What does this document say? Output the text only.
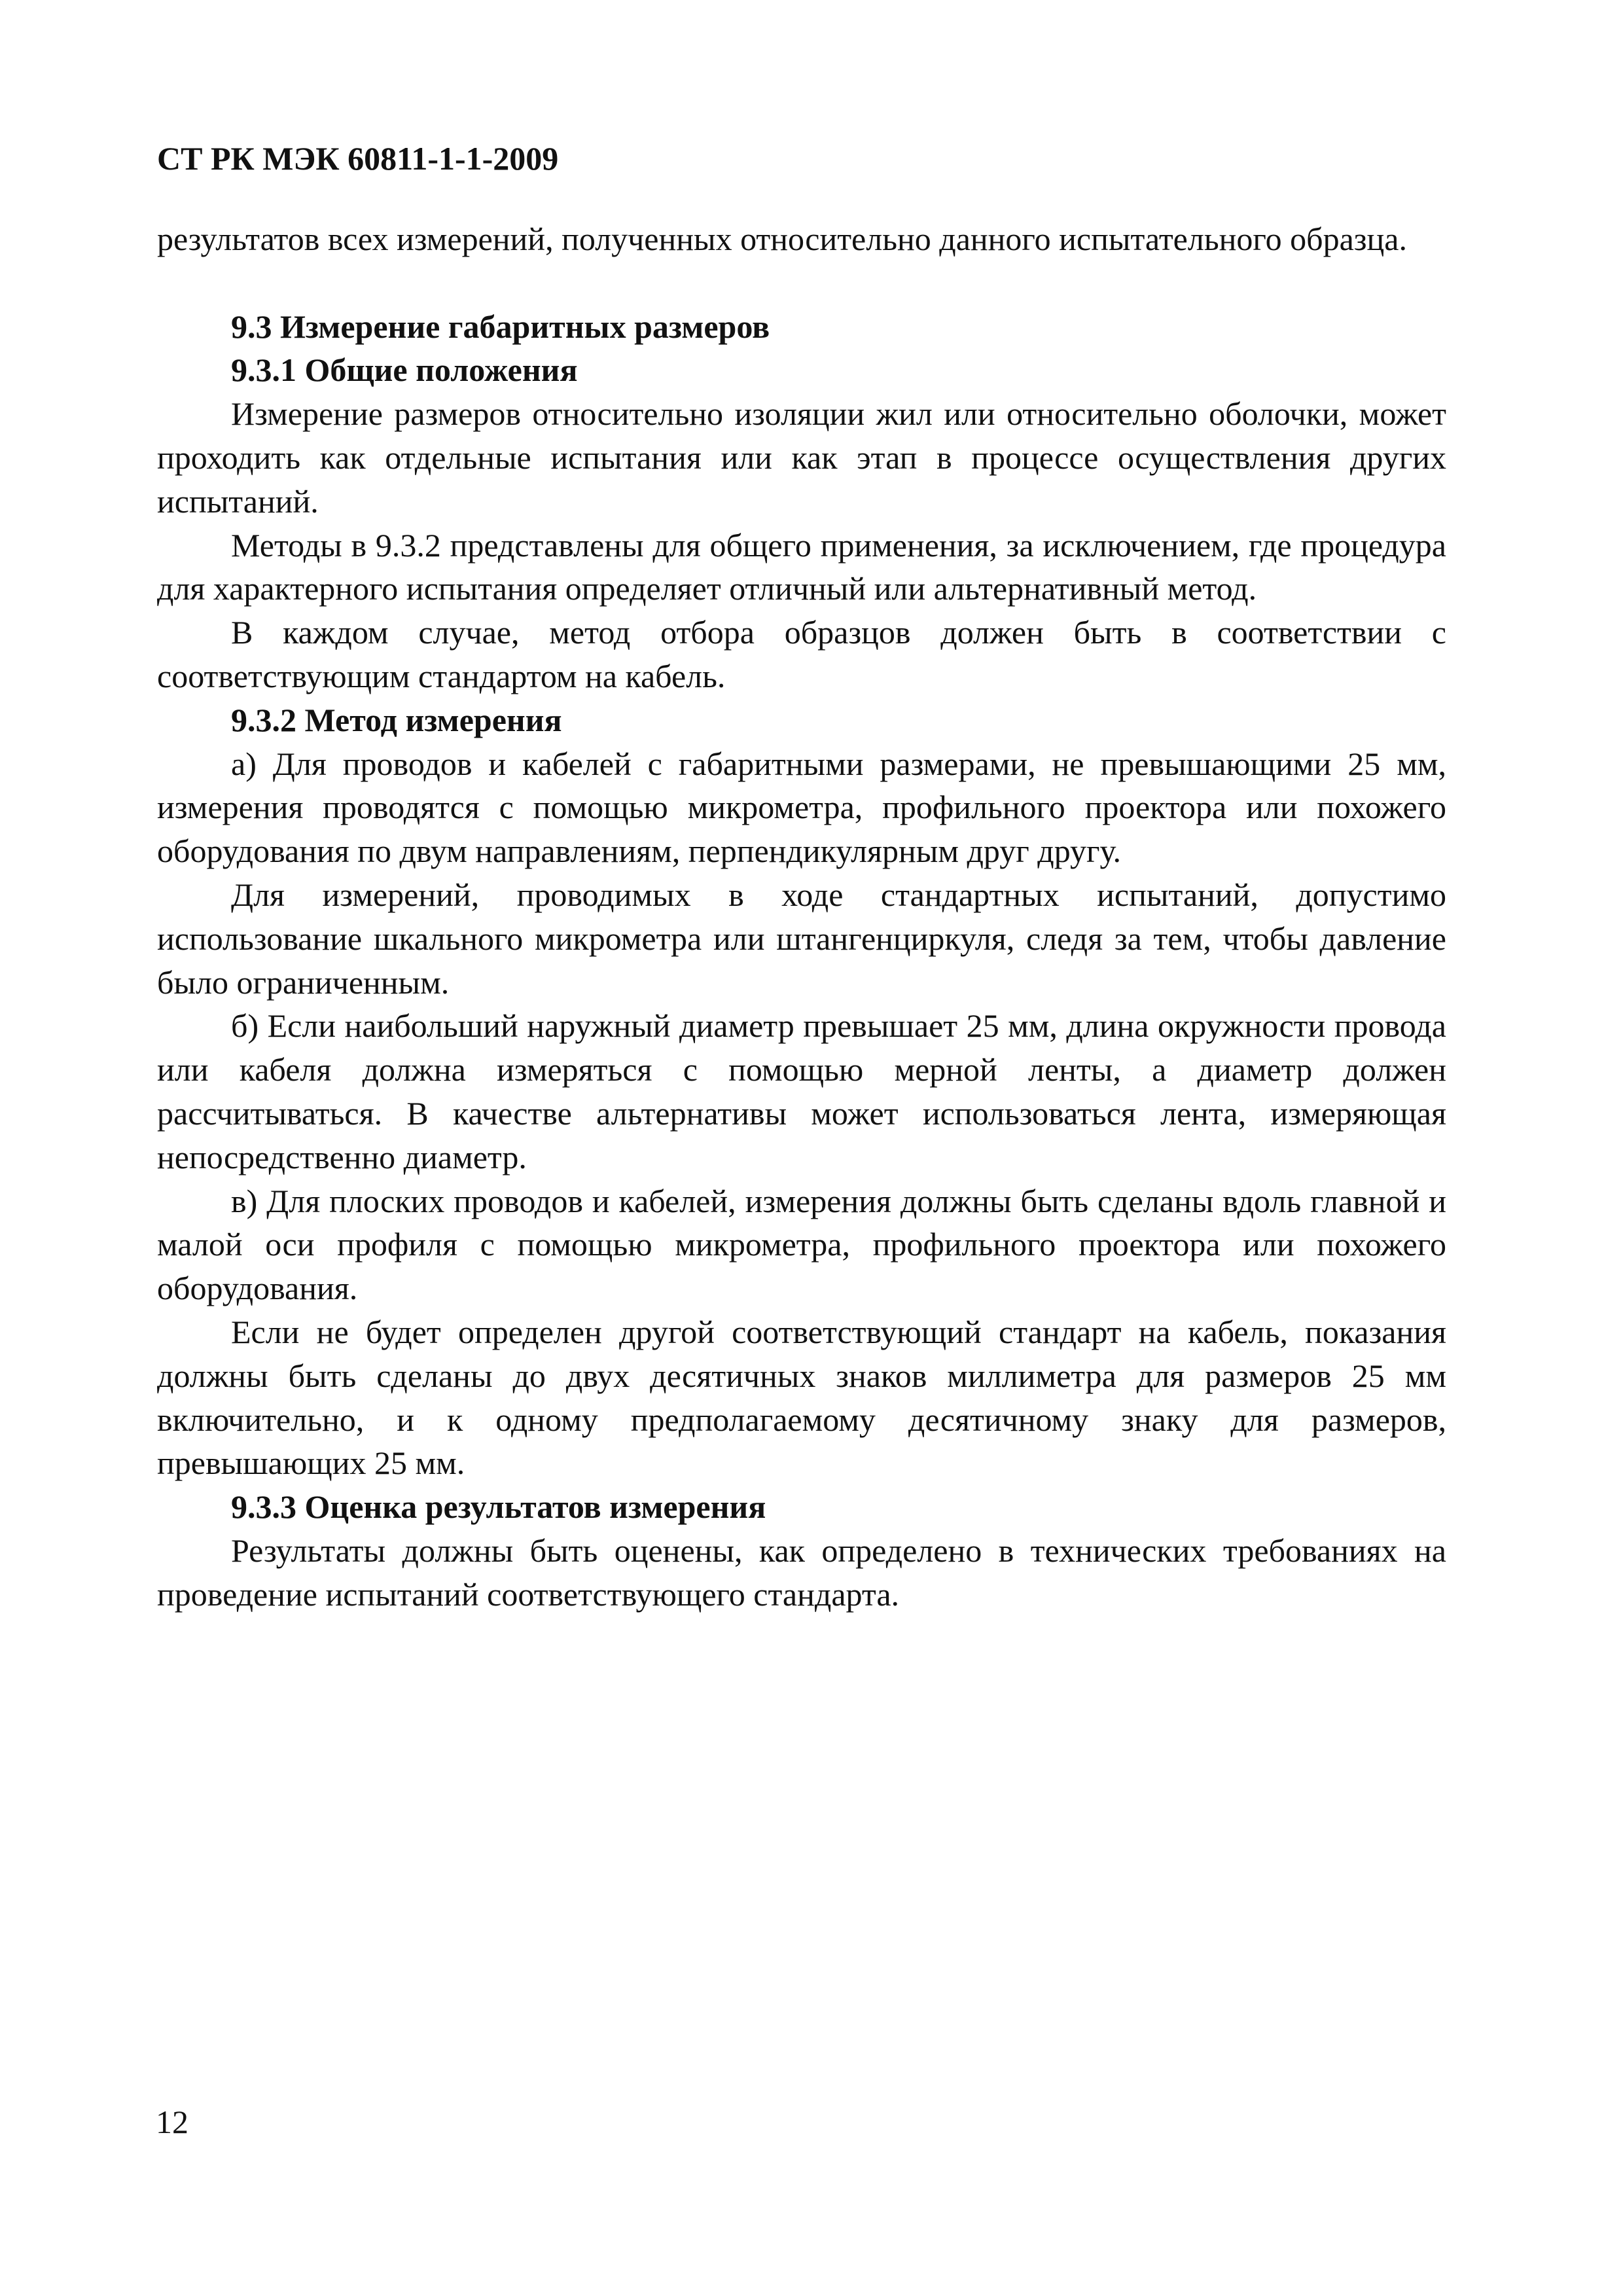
СТ РК МЭК 60811-1-1-2009

результатов всех измерений, полученных относительно данного испытательного образца.

9.3 Измерение габаритных размеров

9.3.1 Общие положения

Измерение размеров относительно изоляции жил или относительно оболочки, может проходить как отдельные испытания или как этап в процессе осуществления других испытаний.

Методы в 9.3.2 представлены для общего применения, за исключением, где процедура для характерного испытания определяет отличный или альтернативный метод.

В каждом случае, метод отбора образцов должен быть в соответствии с соответствующим стандартом на кабель.

9.3.2 Метод измерения

а) Для проводов и кабелей с габаритными размерами, не превышающими 25 мм, измерения проводятся с помощью микрометра, профильного проектора или похожего оборудования по двум направлениям, перпендикулярным друг другу.

Для измерений, проводимых в ходе стандартных испытаний, допустимо использование шкального микрометра или штангенциркуля, следя за тем, чтобы давление было ограниченным.

б) Если наибольший наружный диаметр превышает 25 мм, длина окружности провода или кабеля должна измеряться с помощью мерной ленты, а диаметр должен рассчитываться. В качестве альтернативы может использоваться лента, измеряющая непосредственно диаметр.

в) Для плоских проводов и кабелей, измерения должны быть сделаны вдоль главной и малой оси профиля с помощью микрометра, профильного проектора или похожего оборудования.

Если не будет определен другой соответствующий стандарт на кабель, показания должны быть сделаны до двух десятичных знаков миллиметра для размеров 25 мм включительно, и к одному предполагаемому десятичному знаку для размеров, превышающих 25 мм.

9.3.3 Оценка результатов измерения

Результаты должны быть оценены, как определено в технических требованиях на проведение испытаний соответствующего стандарта.

12
